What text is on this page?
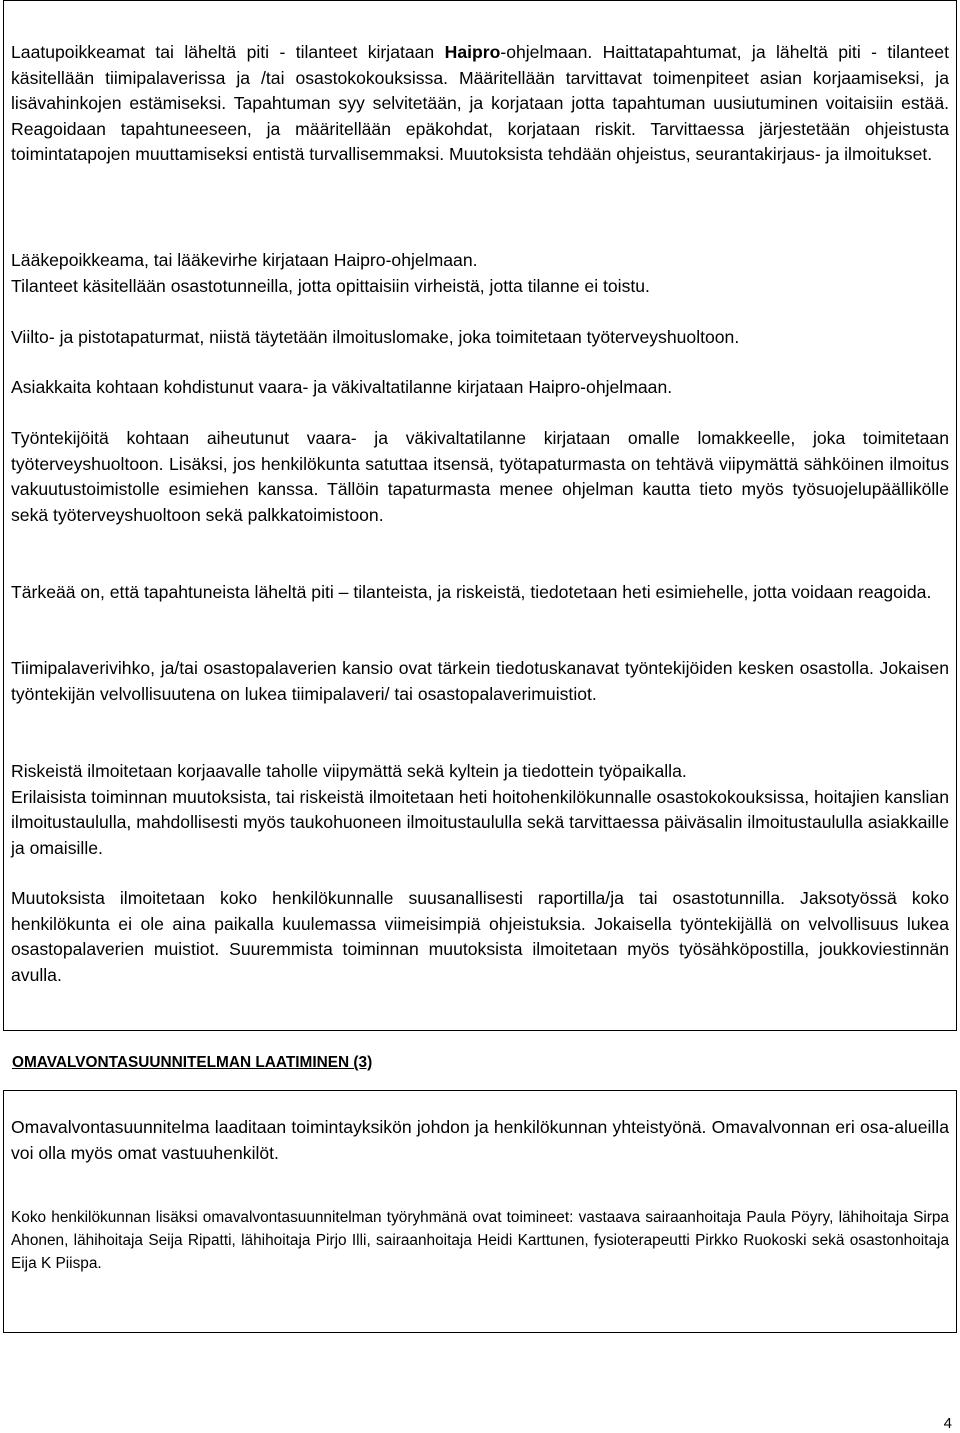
Laatupoikkeamat tai läheltä piti - tilanteet kirjataan Haipro-ohjelmaan. Haittatapahtumat, ja läheltä piti - tilanteet käsitellään tiimipalaverissa ja /tai osastokokouksissa. Määritellään tarvittavat toimenpiteet asian korjaamiseksi, ja lisävahinkojen estämiseksi. Tapahtuman syy selvitetään, ja korjataan jotta tapahtuman uusiutuminen voitaisiin estää. Reagoidaan tapahtuneeseen, ja määritellään epäkohdat, korjataan riskit. Tarvittaessa järjestetään ohjeistusta toimintatapojen muuttamiseksi entistä turvallisemmaksi. Muutoksista tehdään ohjeistus, seurantakirjaus- ja ilmoitukset.

Lääkepoikkeama, tai lääkevirhe kirjataan Haipro-ohjelmaan.
Tilanteet käsitellään osastotunneilla, jotta opittaisiin virheistä, jotta tilanne ei toistu.

Viilto- ja pistotapaturmat, niistä täytetään ilmoituslomake, joka toimitetaan työterveyshuoltoon.

Asiakkaita kohtaan kohdistunut vaara- ja väkivaltatilanne kirjataan Haipro-ohjelmaan.

Työntekijöitä kohtaan aiheutunut vaara- ja väkivaltatilanne kirjataan omalle lomakkeelle, joka toimitetaan työterveyshuoltoon. Lisäksi, jos henkilökunta satuttaa itsensä, työtapaturmasta on tehtävä viipymättä sähköinen ilmoitus vakuutustoimistolle esimiehen kanssa. Tällöin tapaturmasta menee ohjelman kautta tieto myös työsuojelupäällikölle sekä työterveyshuoltoon sekä palkkatoimistoon.

Tärkeää on, että tapahtuneista läheltä piti – tilanteista, ja riskeistä, tiedotetaan heti esimiehelle, jotta voidaan reagoida.

Tiimipalaverivihko, ja/tai osastopalaverien kansio ovat tärkein tiedotuskanavat työntekijöiden kesken osastolla. Jokaisen työntekijän velvollisuutena on lukea tiimipalaveri/ tai osastopalaverimuistiot.

Riskeistä ilmoitetaan korjaavalle taholle viipymättä sekä kyltein ja tiedottein työpaikalla.
Erilaisista toiminnan muutoksista, tai riskeistä ilmoitetaan heti hoitohenkilökunnalle osastokokouksissa, hoitajien kanslian ilmoitustaululla, mahdollisesti myös taukohuoneen ilmoitustaululla sekä tarvittaessa päiväsalin ilmoitustaululla asiakkaille ja omaisille.

Muutoksista ilmoitetaan koko henkilökunnalle suusanallisesti raportilla/ja tai osastotunnilla. Jaksotyössä koko henkilökunta ei ole aina paikalla kuulemassa viimeisimpiä ohjeistuksia. Jokaisella työntekijällä on velvollisuus lukea osastopalaverien muistiot. Suuremmista toiminnan muutoksista ilmoitetaan myös työsähköpostilla, joukkoviestinnän avulla.

OMAVALVONTASUUNNITELMAN LAATIMINEN (3)

Omavalvontasuunnitelma laaditaan toimintayksikön johdon ja henkilökunnan yhteistyönä. Omavalvonnan eri osa-alueilla voi olla myös omat vastuuhenkilöt.

Koko henkilökunnan lisäksi omavalvontasuunnitelman työryhmänä ovat toimineet: vastaava sairaanhoitaja Paula Pöyry, lähihoitaja Sirpa Ahonen, lähihoitaja Seija Ripatti, lähihoitaja Pirjo Illi, sairaanhoitaja Heidi Karttunen, fysioterapeutti Pirkko Ruokoski sekä osastonhoitaja Eija K Piispa.

4
